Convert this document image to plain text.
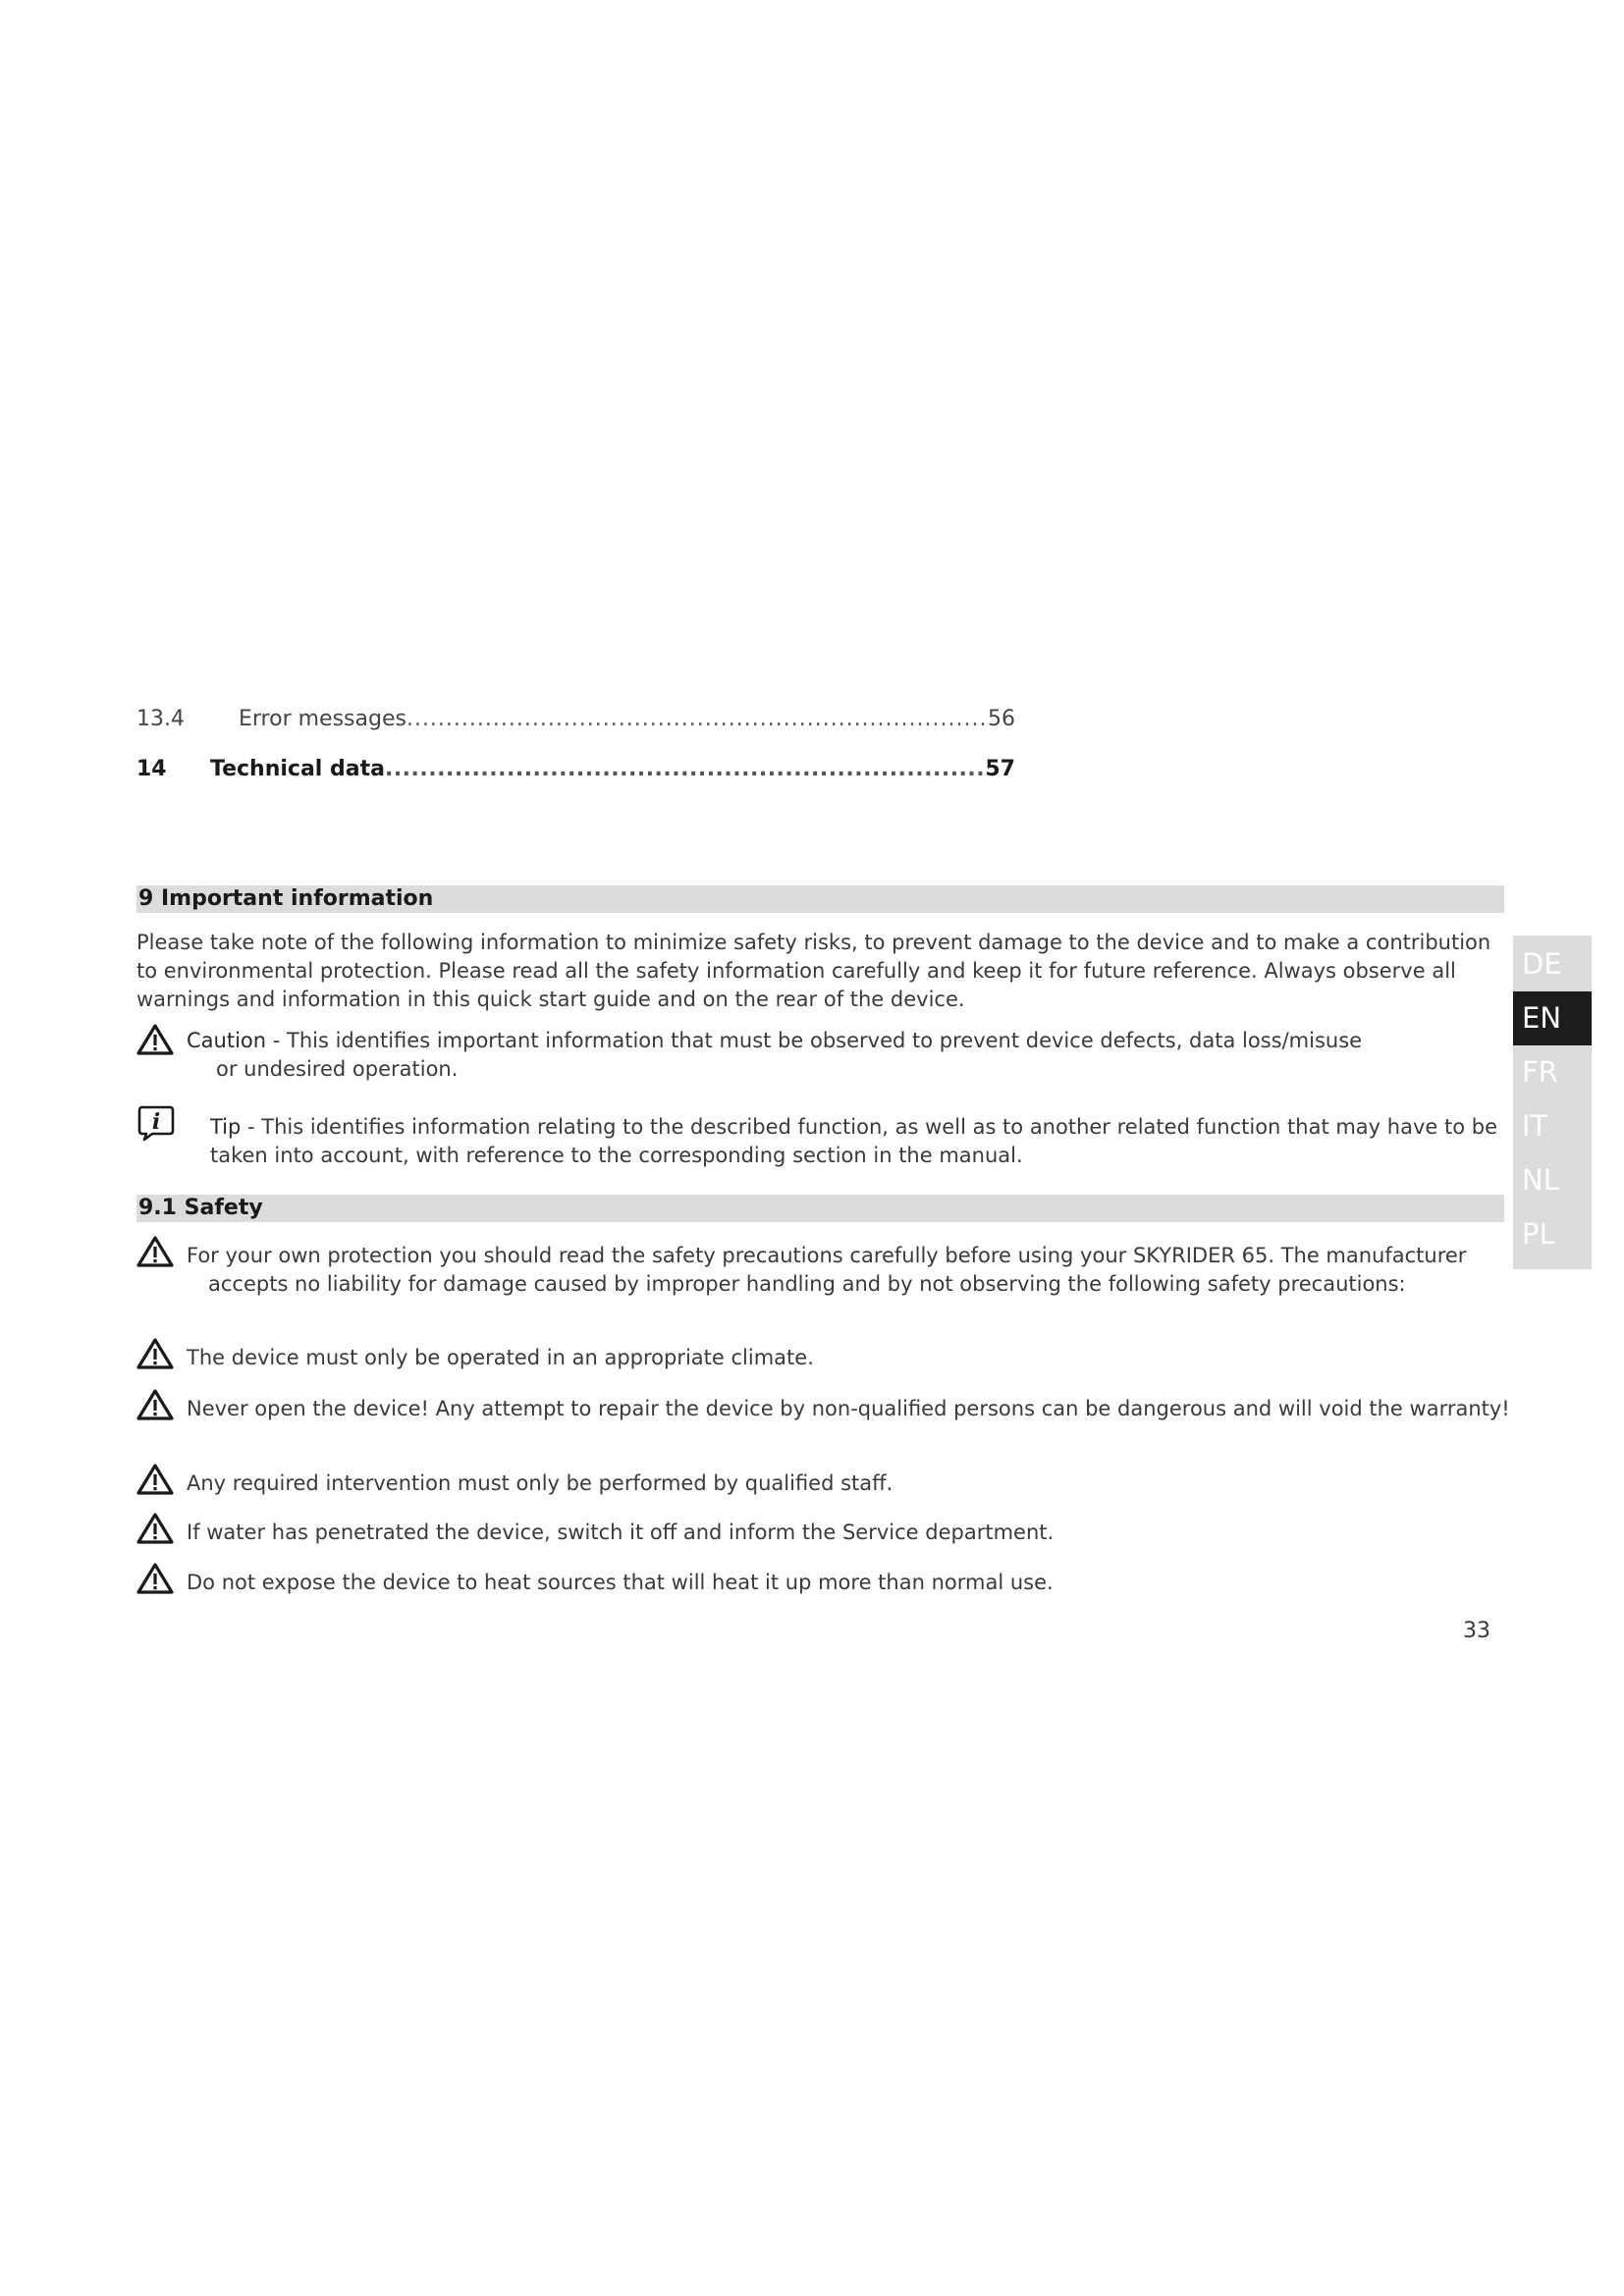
13.4	Error messages .....	56
14	Technical data .....	57
9 Important information
Please take note of the following information to minimize safety risks, to prevent damage to the device and to make a contribution to environmental protection. Please read all the safety information carefully and keep it for future reference. Always observe all warnings and information in this quick start guide and on the rear of the device.
Caution - This identifies important information that must be observed to prevent device defects, data loss/misuse or undesired operation.
i Tip - This identifies information relating to the described function, as well as to another related function that may have to be taken into account, with reference to the corresponding section in the manual.
9.1 Safety
For your own protection you should read the safety precautions carefully before using your SKYRIDER 65. The manufacturer accepts no liability for damage caused by improper handling and by not observing the following safety precautions:
The device must only be operated in an appropriate climate.
Never open the device! Any attempt to repair the device by non-qualified persons can be dangerous and will void the warranty!
Any required intervention must only be performed by qualified staff.
If water has penetrated the device, switch it off and inform the Service department.
Do not expose the device to heat sources that will heat it up more than normal use.
DE
EN
FR
IT
NL
PL
33
